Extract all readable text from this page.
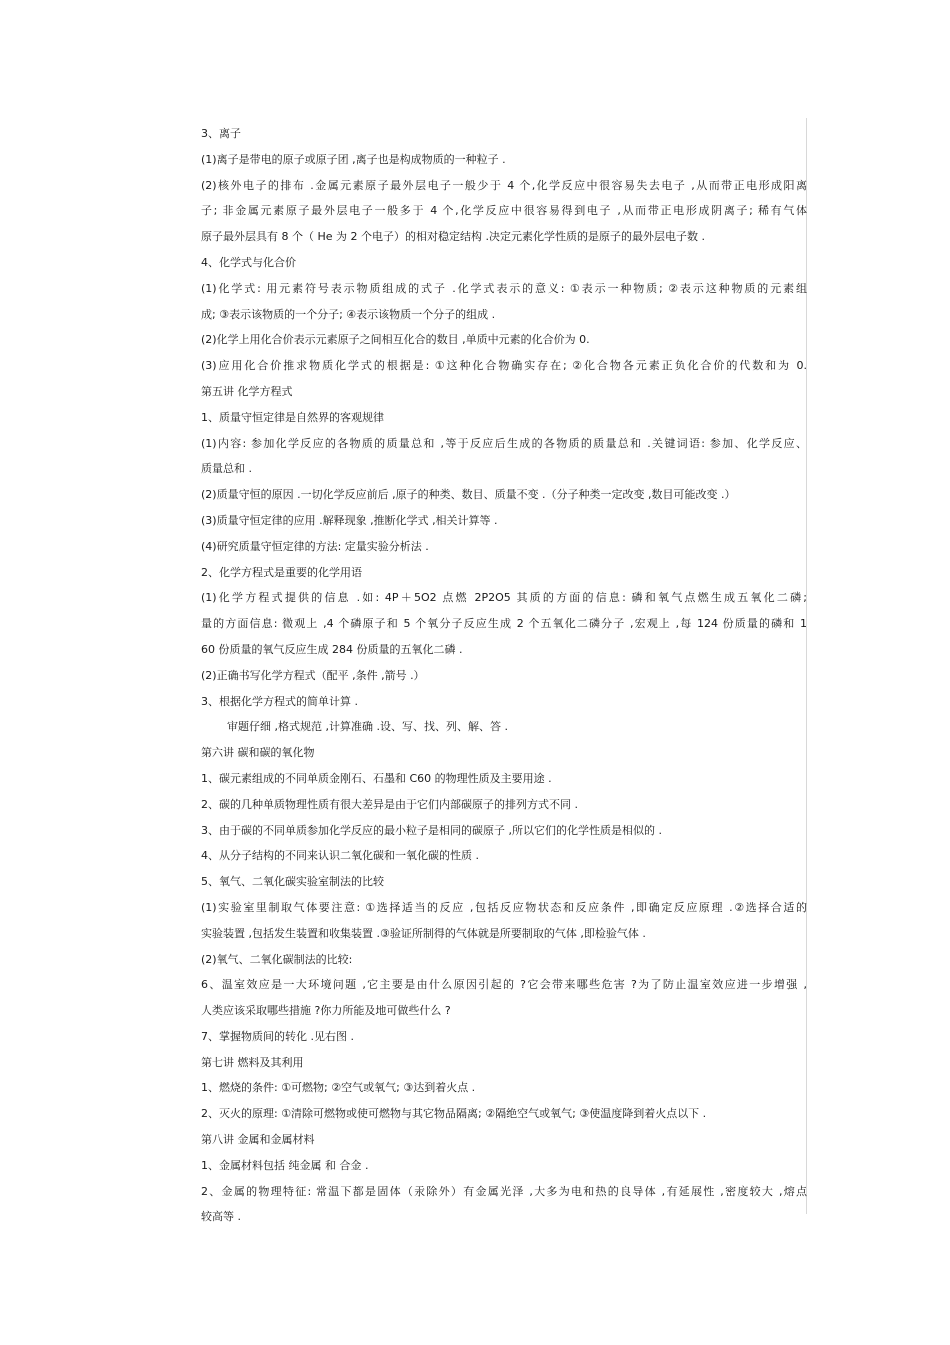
3、离子
(1)离子是带电的原子或原子团 ,离子也是构成物质的一种粒子 .
(2)核外电子的排布 .金属元素原子最外层电子一般少于 4 个,化学反应中很容易失去电子 ,从而带正电形成阳离
子; 非金属元素原子最外层电子一般多于 4 个,化学反应中很容易得到电子 ,从而带正电形成阴离子; 稀有气体
原子最外层具有 8 个（ He 为 2 个电子）的相对稳定结构 .决定元素化学性质的是原子的最外层电子数 .
4、化学式与化合价
(1)化学式: 用元素符号表示物质组成的式子 .化学式表示的意义: ①表示一种物质; ②表示这种物质的元素组
成; ③表示该物质的一个分子; ④表示该物质一个分子的组成 .
(2)化学上用化合价表示元素原子之间相互化合的数目 ,单质中元素的化合价为 0.
(3)应用化合价推求物质化学式的根据是: ①这种化合物确实存在; ②化合物各元素正负化合价的代数和为 0.
第五讲 化学方程式
1、质量守恒定律是自然界的客观规律
(1)内容: 参加化学反应的各物质的质量总和 ,等于反应后生成的各物质的质量总和 .关键词语: 参加、化学反应、
质量总和 .
(2)质量守恒的原因 .一切化学反应前后 ,原子的种类、数目、质量不变 .（分子种类一定改变 ,数目可能改变 .）
(3)质量守恒定律的应用 .解释现象 ,推断化学式 ,相关计算等 .
(4)研究质量守恒定律的方法: 定量实验分析法 .
2、化学方程式是重要的化学用语
(1)化学方程式提供的信息 .如: 4P＋5O2 点燃 2P2O5 其质的方面的信息: 磷和氧气点燃生成五氧化二磷;
量的方面信息: 微观上 ,4 个磷原子和 5 个氧分子反应生成 2 个五氧化二磷分子 ,宏观上 ,每 124 份质量的磷和 1
60 份质量的氧气反应生成 284 份质量的五氧化二磷 .
(2)正确书写化学方程式（配平 ,条件 ,箭号 .）
3、根据化学方程式的简单计算 .
审题仔细 ,格式规范 ,计算准确 .设、写、找、列、解、答 .
第六讲 碳和碳的氧化物
1、碳元素组成的不同单质金刚石、石墨和 C60 的物理性质及主要用途 .
2、碳的几种单质物理性质有很大差异是由于它们内部碳原子的排列方式不同 .
3、由于碳的不同单质参加化学反应的最小粒子是相同的碳原子 ,所以它们的化学性质是相似的 .
4、从分子结构的不同来认识二氧化碳和一氧化碳的性质 .
5、氧气、二氧化碳实验室制法的比较
(1)实验室里制取气体要注意: ①选择适当的反应 ,包括反应物状态和反应条件 ,即确定反应原理 .②选择合适的
实验装置 ,包括发生装置和收集装置 .③验证所制得的气体就是所要制取的气体 ,即检验气体 .
(2)氧气、二氧化碳制法的比较:
6、温室效应是一大环境问题 ,它主要是由什么原因引起的 ?它会带来哪些危害 ?为了防止温室效应进一步增强 ,
人类应该采取哪些措施 ?你力所能及地可做些什么 ?
7、掌握物质间的转化 .见右图 .
第七讲 燃料及其利用
1、燃烧的条件: ①可燃物; ②空气或氧气; ③达到着火点 .
2、灭火的原理: ①清除可燃物或使可燃物与其它物品隔离; ②隔绝空气或氧气; ③使温度降到着火点以下 .
第八讲 金属和金属材料
1、金属材料包括 纯金属 和 合金 .
2、金属的物理特征: 常温下都是固体（汞除外）有金属光泽 ,大多为电和热的良导体 ,有延展性 ,密度较大 ,熔点
较高等 .
